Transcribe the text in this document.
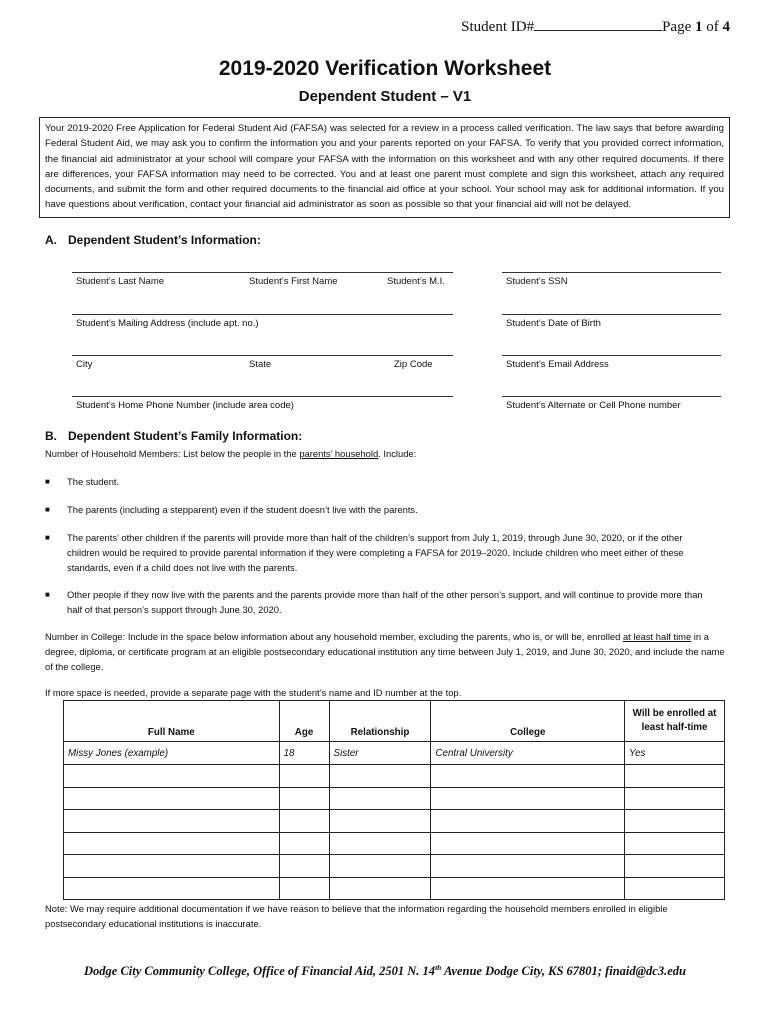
Student ID#	Page 1 of 4
2019-2020 Verification Worksheet
Dependent Student – V1
Your 2019-2020 Free Application for Federal Student Aid (FAFSA) was selected for a review in a process called verification. The law says that before awarding Federal Student Aid, we may ask you to confirm the information you and your parents reported on your FAFSA. To verify that you provided correct information, the financial aid administrator at your school will compare your FAFSA with the information on this worksheet and with any other required documents. If there are differences, your FAFSA information may need to be corrected. You and at least one parent must complete and sign this worksheet, attach any required documents, and submit the form and other required documents to the financial aid office at your school. Your school may ask for additional information. If you have questions about verification, contact your financial aid administrator as soon as possible so that your financial aid will not be delayed.
A. Dependent Student’s Information:
Student’s Last Name	Student’s First Name	Student’s M.I.	Student’s SSN
Student’s Mailing Address (include apt. no.)	Student’s Date of Birth
City	State	Zip Code	Student’s Email Address
Student’s Home Phone Number (include area code)	Student’s Alternate or Cell Phone number
B. Dependent Student’s Family Information:
Number of Household Members: List below the people in the parents’ household. Include:
■ The student.
■ The parents (including a stepparent) even if the student doesn’t live with the parents.
■ The parents’ other children if the parents will provide more than half of the children’s support from July 1, 2019, through June 30, 2020, or if the other children would be required to provide parental information if they were completing a FAFSA for 2019–2020. Include children who meet either of these standards, even if a child does not live with the parents.
■ Other people if they now live with the parents and the parents provide more than half of the other person’s support, and will continue to provide more than half of that person’s support through June 30, 2020.
Number in College: Include in the space below information about any household member, excluding the parents, who is, or will be, enrolled at least half time in a degree, diploma, or certificate program at an eligible postsecondary educational institution any time between July 1, 2019, and June 30, 2020, and include the name of the college.
If more space is needed, provide a separate page with the student’s name and ID number at the top.
Full Name	Age	Relationship	College	Will be enrolled at least half-time
Missy Jones (example)	18	Sister	Central University	Yes

Note: We may require additional documentation if we have reason to believe that the information regarding the household members enrolled in eligible postsecondary educational institutions is inaccurate.
Dodge City Community College, Office of Financial Aid, 2501 N. 14th Avenue Dodge City, KS 67801; finaid@dc3.edu
